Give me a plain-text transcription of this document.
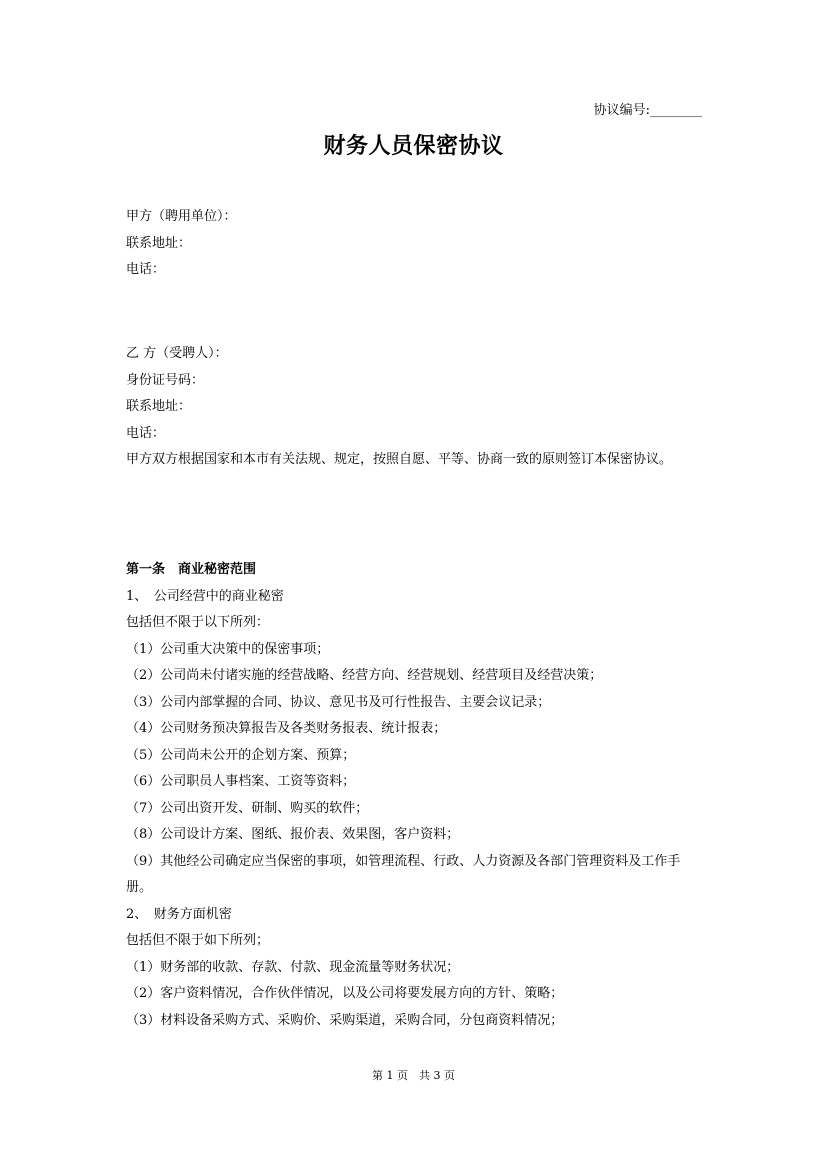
协议编号:________
财务人员保密协议
甲方（聘用单位）：
联系地址：
电话：
乙 方（受聘人）：
身份证号码：
联系地址：
电话：
甲方双方根据国家和本市有关法规、规定，按照自愿、平等、协商一致的原则签订本保密协议。
第一条　商业秘密范围
1、　公司经营中的商业秘密
包括但不限于以下所列：
（1）公司重大决策中的保密事项；
（2）公司尚未付诸实施的经营战略、经营方向、经营规划、经营项目及经营决策；
（3）公司内部掌握的合同、协议、意见书及可行性报告、主要会议记录；
（4）公司财务预决算报告及各类财务报表、统计报表；
（5）公司尚未公开的企划方案、预算；
（6）公司职员人事档案、工资等资料；
（7）公司出资开发、研制、购买的软件；
（8）公司设计方案、图纸、报价表、效果图，客户资料；
（9）其他经公司确定应当保密的事项，如管理流程、行政、人力资源及各部门管理资料及工作手册。
2、　财务方面机密
包括但不限于如下所列；
（1）财务部的收款、存款、付款、现金流量等财务状况；
（2）客户资料情况，合作伙伴情况，以及公司将要发展方向的方针、策略；
（3）材料设备采购方式、采购价、采购渠道，采购合同，分包商资料情况；
第 1 页　共 3 页
